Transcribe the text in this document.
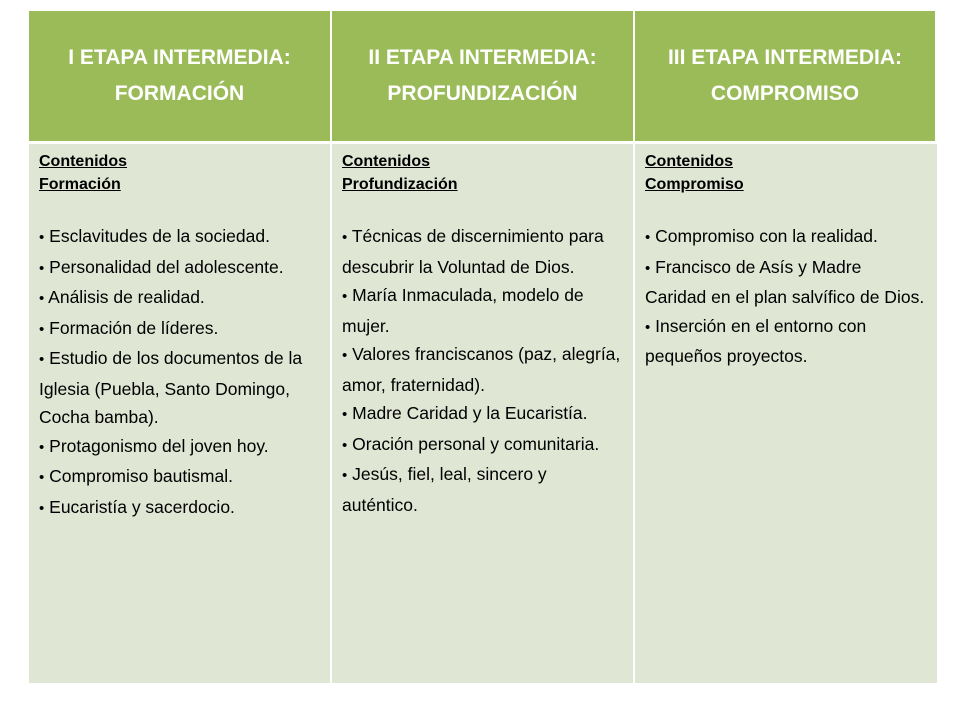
I ETAPA INTERMEDIA:
FORMACIÓN
II ETAPA INTERMEDIA:
PROFUNDIZACIÓN
III ETAPA INTERMEDIA:
COMPROMISO
Contenidos
Formación
• Esclavitudes de la sociedad.
• Personalidad del adolescente.
• Análisis de realidad.
• Formación de líderes.
• Estudio de los documentos de la Iglesia (Puebla, Santo Domingo, Cocha bamba).
• Protagonismo del joven hoy.
• Compromiso bautismal.
• Eucaristía y sacerdocio.
Contenidos
Profundización
• Técnicas de discernimiento para descubrir la Voluntad de Dios.
• María Inmaculada, modelo de mujer.
• Valores franciscanos (paz, alegría, amor, fraternidad).
• Madre Caridad y la Eucaristía.
• Oración personal y comunitaria.
• Jesús, fiel, leal, sincero y auténtico.
Contenidos
Compromiso
• Compromiso con la realidad.
• Francisco de Asís y Madre Caridad en el plan salvífico de Dios.
• Inserción en el entorno con pequeños proyectos.
